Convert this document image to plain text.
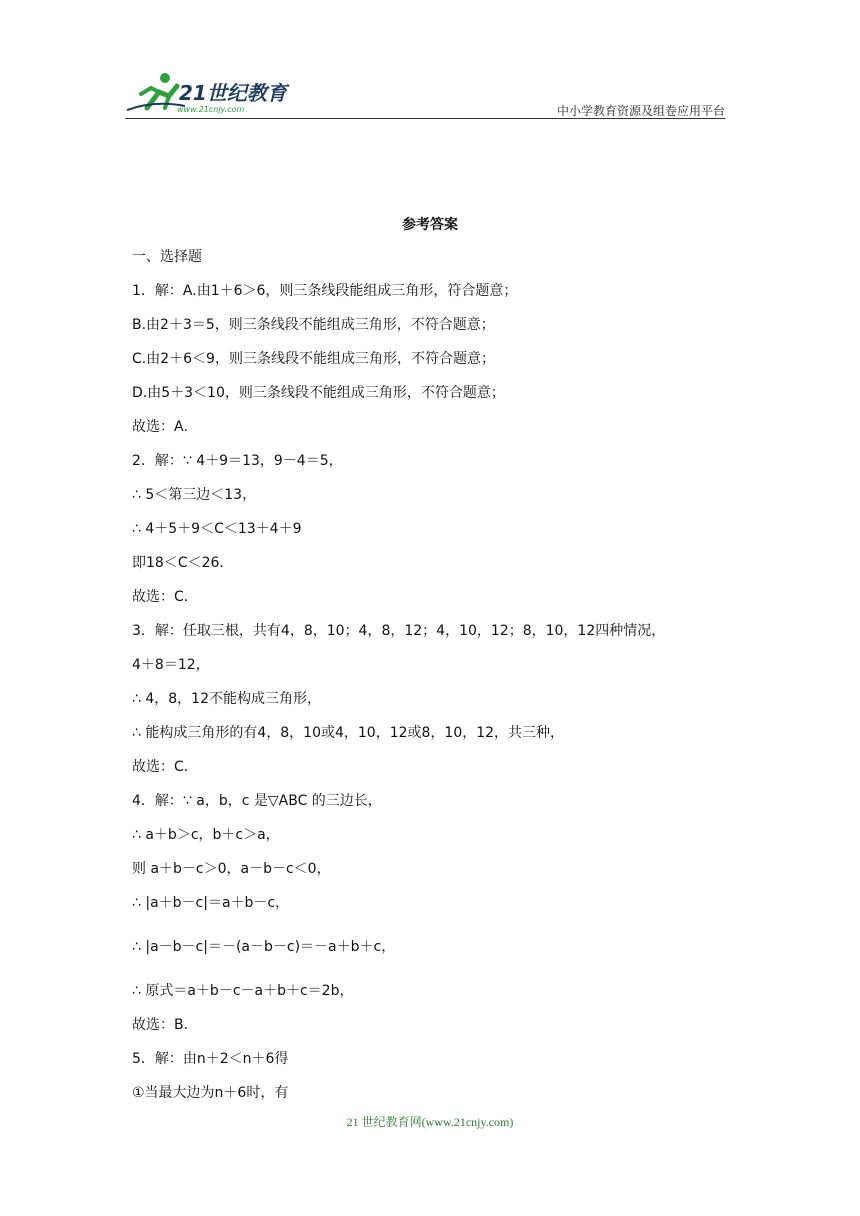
21世纪教育
www.21cnjy.com	中小学教育资源及组卷应用平台
参考答案
一、选择题
1．解：A.由1＋6＞6，则三条线段能组成三角形，符合题意；
B.由2＋3＝5，则三条线段不能组成三角形，不符合题意；
C.由2＋6＜9，则三条线段不能组成三角形，不符合题意；
D.由5＋3＜10，则三条线段不能组成三角形，不符合题意；
故选：A．
2．解：∵ 4＋9＝13，9－4＝5，
∴ 5＜第三边＜13，
∴ 4＋5＋9＜C＜13＋4＋9
即18＜C＜26．
故选：C．
3．解：任取三根，共有4，8，10；4，8，12；4，10，12；8，10，12四种情况，
4＋8＝12，
∴ 4，8，12不能构成三角形，
∴ 能构成三角形的有4，8，10或4，10，12或8，10，12，共三种，
故选：C．
4．解：∵ a，b，c 是▽ABC 的三边长，
∴ a＋b＞c，b＋c＞a，
则 a＋b－c＞0，a－b－c＜0，
∴ |a＋b－c|＝a＋b－c，
∴ |a－b－c|＝－(a－b－c)＝－a＋b＋c，
∴ 原式＝a＋b－c－a＋b＋c＝2b，
故选：B．
5．解：由n＋2＜n＋6得
①当最大边为n＋6时，有
21 世纪教育网(www.21cnjy.com)
